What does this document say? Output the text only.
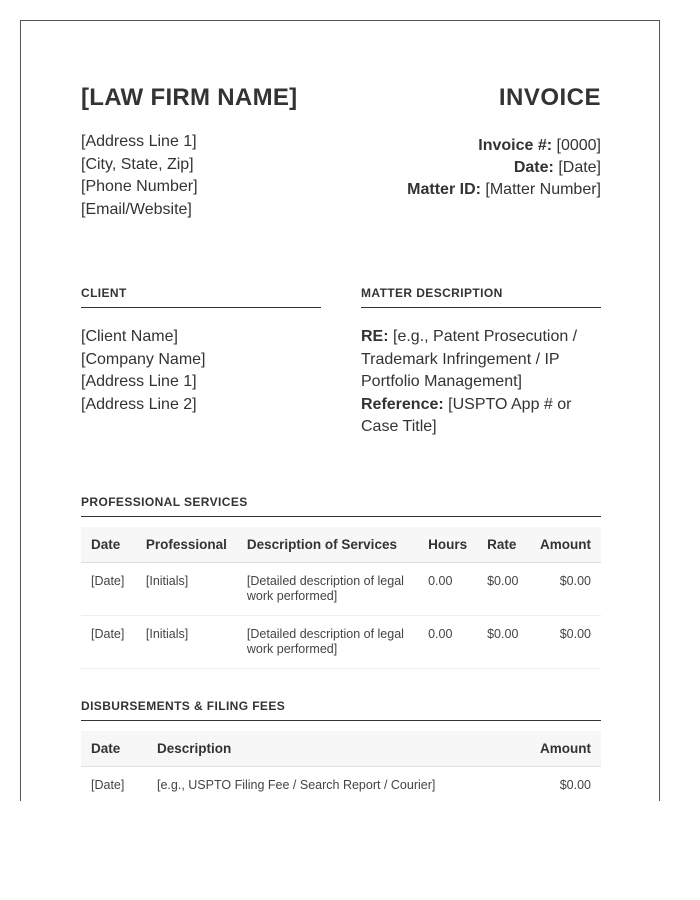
[LAW FIRM NAME]
[Address Line 1]
[City, State, Zip]
[Phone Number]
[Email/Website]
INVOICE
Invoice #: [0000]
Date: [Date]
Matter ID: [Matter Number]
CLIENT
[Client Name]
[Company Name]
[Address Line 1]
[Address Line 2]
MATTER DESCRIPTION
RE: [e.g., Patent Prosecution / Trademark Infringement / IP Portfolio Management]
Reference: [USPTO App # or Case Title]
PROFESSIONAL SERVICES
Date	Professional	Description of Services	Hours	Rate	Amount
[Date]	[Initials]	[Detailed description of legal work performed]	0.00	$0.00	$0.00
[Date]	[Initials]	[Detailed description of legal work performed]	0.00	$0.00	$0.00
DISBURSEMENTS & FILING FEES
Date	Description	Amount
[Date]	[e.g., USPTO Filing Fee / Search Report / Courier]	$0.00
